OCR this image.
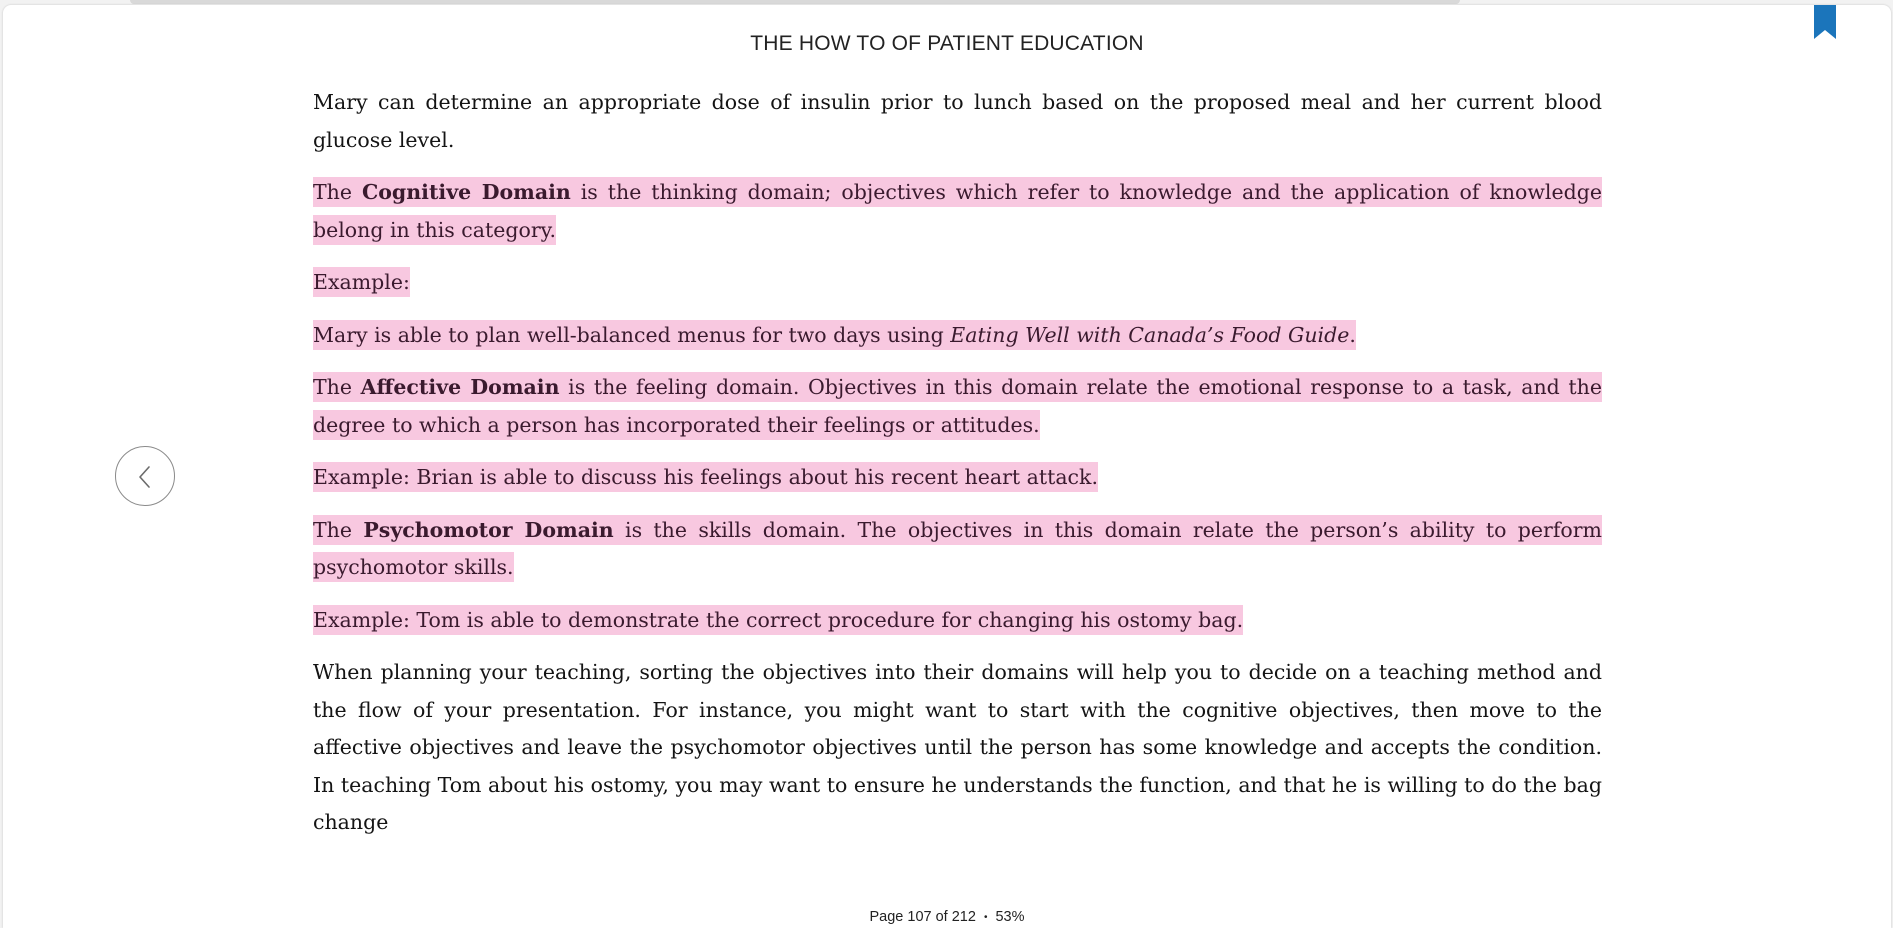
THE HOW TO OF PATIENT EDUCATION

Mary can determine an appropriate dose of insulin prior to lunch based on the proposed meal and her current blood glucose level.

The Cognitive Domain is the thinking domain; objectives which refer to knowledge and the application of knowledge belong in this category.

Example:

Mary is able to plan well-balanced menus for two days using Eating Well with Canada’s Food Guide.

The Affective Domain is the feeling domain. Objectives in this domain relate the emotional response to a task, and the degree to which a person has incorporated their feelings or attitudes.

Example: Brian is able to discuss his feelings about his recent heart attack.

The Psychomotor Domain is the skills domain. The objectives in this domain relate the person’s ability to perform psychomotor skills.

Example: Tom is able to demonstrate the correct procedure for changing his ostomy bag.

When planning your teaching, sorting the objectives into their domains will help you to decide on a teaching method and the flow of your presentation. For instance, you might want to start with the cognitive objectives, then move to the affective objectives and leave the psychomotor objectives until the person has some knowledge and accepts the condition. In teaching Tom about his ostomy, you may want to ensure he understands the function, and that he is willing to do the bag change

Page 107 of 212 • 53%
